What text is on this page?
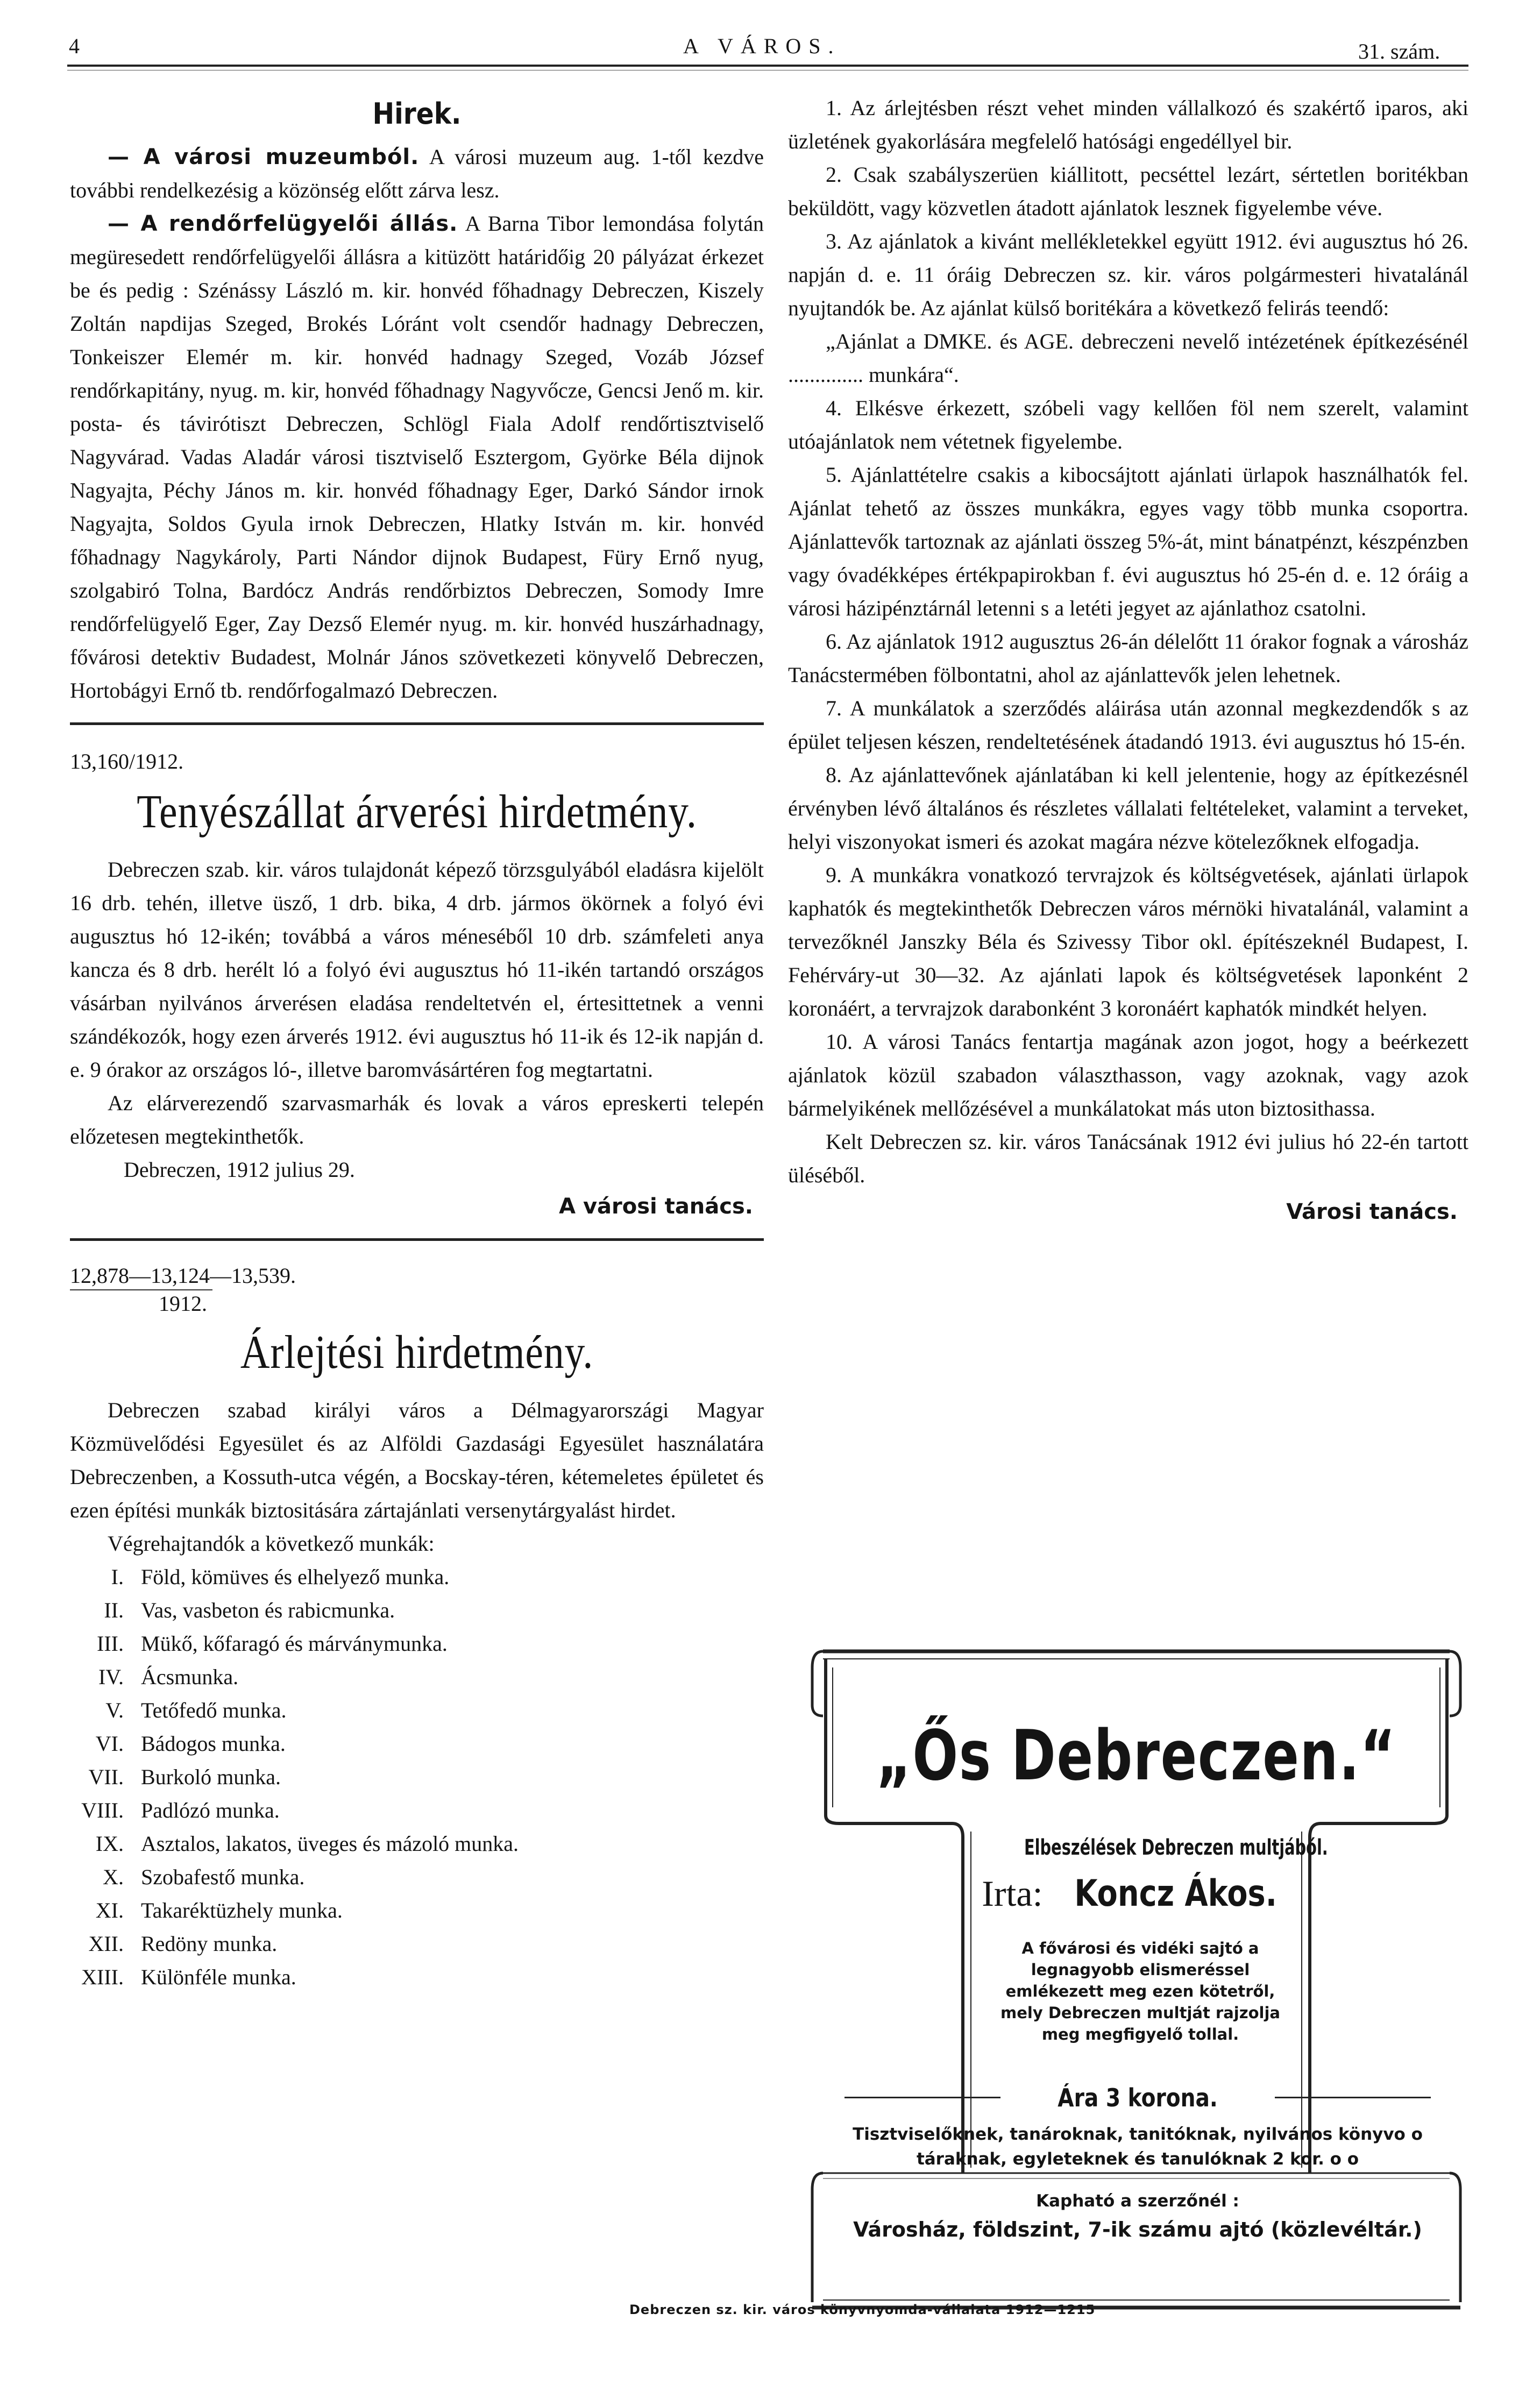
4	A VÁROS.	31. szám.
Hirek.

— A városi muzeumból. A városi muzeum aug. 1-től kezdve további rendelkezésig a közönség előtt zárva lesz.

— A rendőrfelügyelői állás. A Barna Tibor lemondása folytán megüresedett rendőrfelügyelői állásra a kitüzött határidőig 20 pályázat érkezet be és pedig : Szénássy László m. kir. honvéd főhadnagy Debreczen, Kiszely Zoltán napdijas Szeged, Brokés Lóránt volt csendőr hadnagy Debreczen, Tonkeiszer Elemér m. kir. honvéd hadnagy Szeged, Vozáb József rendőrkapitány, nyug. m. kir, honvéd főhadnagy Nagyvőcze, Gencsi Jenő m. kir. posta- és távirótiszt Debreczen, Schlögl Fiala Adolf rendőrtisztviselő Nagyvárad. Vadas Aladár városi tisztviselő Esztergom, Györke Béla dijnok Nagyajta, Péchy János m. kir. honvéd főhadnagy Eger, Darkó Sándor irnok Nagyajta, Soldos Gyula irnok Debreczen, Hlatky István m. kir. honvéd főhadnagy Nagykároly, Parti Nándor dijnok Budapest, Füry Ernő nyug, szolgabiró Tolna, Bardócz András rendőrbiztos Debreczen, Somody Imre rendőrfelügyelő Eger, Zay Dezső Elemér nyug. m. kir. honvéd huszárhadnagy, fővárosi detektiv Budadest, Molnár János szövetkezeti könyvelő Debreczen, Hortobágyi Ernő tb. rendőrfogalmazó Debreczen.

13,160/1912.

Tenyészállat árverési hirdetmény.

Debreczen szab. kir. város tulajdonát képező törzsgulyából eladásra kijelölt 16 drb. tehén, illetve üsző, 1 drb. bika, 4 drb. jármos ökörnek a folyó évi augusztus hó 12-ikén; továbbá a város méneséből 10 drb. számfeleti anya kancza és 8 drb. herélt ló a folyó évi augusztus hó 11-ikén tartandó országos vásárban nyilvános árverésen eladása rendeltetvén el, értesittetnek a venni szándékozók, hogy ezen árverés 1912. évi augusztus hó 11-ik és 12-ik napján d. e. 9 órakor az országos ló-, illetve baromvásártéren fog megtartatni.

Az elárverezendő szarvasmarhák és lovak a város epreskerti telepén előzetesen megtekinthetők.

Debreczen, 1912 julius 29.

A városi tanács.
12,878—13,124—13,539.
1912.
Árlejtési hirdetmény.

Debreczen szabad királyi város a Délmagyarországi Magyar Közmüvelődési Egyesület és az Alföldi Gazdasági Egyesület használatára Debreczenben, a Kossuth-utca végén, a Bocskay-téren, kétemeletes épületet és ezen építési munkák biztositására zártajánlati versenytárgyalást hirdet.

Végrehajtandók a következő munkák:

I. Föld, kömüves és elhelyező munka.
II. Vas, vasbeton és rabicmunka.
III. Mükő, kőfaragó és márványmunka.
IV. Ácsmunka.
V. Tetőfedő munka.
VI. Bádogos munka.
VII. Burkoló munka.
VIII. Padlózó munka.
IX. Asztalos, lakatos, üveges és mázoló munka.
X. Szobafestő munka.
XI. Takaréktüzhely munka.
XII. Redöny munka.
XIII. Különféle munka.

1. Az árlejtésben részt vehet minden vállalkozó és szakértő iparos, aki üzletének gyakorlására megfelelő hatósági engedéllyel bir.

2. Csak szabályszerüen kiállitott, pecséttel lezárt, sértetlen boritékban beküldött, vagy közvetlen átadott ajánlatok lesznek figyelembe véve.

3. Az ajánlatok a kivánt mellékletekkel együtt 1912. évi augusztus hó 26. napján d. e. 11 óráig Debreczen sz. kir. város polgármesteri hivatalánál nyujtandók be. Az ajánlat külső boritékára a következő felirás teendő:

„Ajánlat a DMKE. és AGE. debreczeni nevelő intézetének építkezésénél .............. munkára“.

4. Elkésve érkezett, szóbeli vagy kellően föl nem szerelt, valamint utóajánlatok nem vétetnek figyelembe.

5. Ajánlattételre csakis a kibocsájtott ajánlati ürlapok használhatók fel. Ajánlat tehető az összes munkákra, egyes vagy több munka csoportra. Ajánlattevők tartoznak az ajánlati összeg 5%-át, mint bánatpénzt, készpénzben vagy óvadékképes értékpapirokban f. évi augusztus hó 25-én d. e. 12 óráig a városi házipénztárnál letenni s a letéti jegyet az ajánlathoz csatolni.

6. Az ajánlatok 1912 augusztus 26-án délelőtt 11 órakor fognak a városház Tanácstermében fölbontatni, ahol az ajánlattevők jelen lehetnek.

7. A munkálatok a szerződés aláirása után azonnal megkezdendők s az épület teljesen készen, rendeltetésének átadandó 1913. évi augusztus hó 15-én.

8. Az ajánlattevőnek ajánlatában ki kell jelentenie, hogy az építkezésnél érvényben lévő általános és részletes vállalati feltételeket, valamint a terveket, helyi viszonyokat ismeri és azokat magára nézve kötelezőknek elfogadja.

9. A munkákra vonatkozó tervrajzok és költségvetések, ajánlati ürlapok kaphatók és megtekinthetők Debreczen város mérnöki hivatalánál, valamint a tervezőknél Janszky Béla és Szivessy Tibor okl. építészeknél Budapest, I. Fehérváry-ut 30—32. Az ajánlati lapok és költségvetések laponként 2 koronáért, a tervrajzok darabonként 3 koronáért kaphatók mindkét helyen.

10. A városi Tanács fentartja magának azon jogot, hogy a beérkezett ajánlatok közül szabadon választhasson, vagy azoknak, vagy azok bármelyikének mellőzésével a munkálatokat más uton biztosithassa.

Kelt Debreczen sz. kir. város Tanácsának 1912 évi julius hó 22-én tartott üléséből.

Városi tanács.
„Ős Debreczen.“
Elbeszélések Debreczen multjából.
Irta: Koncz Ákos.
A fővárosi és vidéki sajtó a legnagyobb elismeréssel emlékezett meg ezen kötetről, mely Debreczen multját rajzolja meg megfigyelő tollal.
Ára 3 korona.
Tisztviselőknek, tanároknak, tanitóknak, nyilvános könyvo o táraknak, egyleteknek és tanulóknak 2 kor. o o
Kapható a szerzőnél :
Városház, földszint, 7-ik számu ajtó (közlevéltár.)
Debreczen sz. kir. város könyvnyomda-vállalata 1912—1215
